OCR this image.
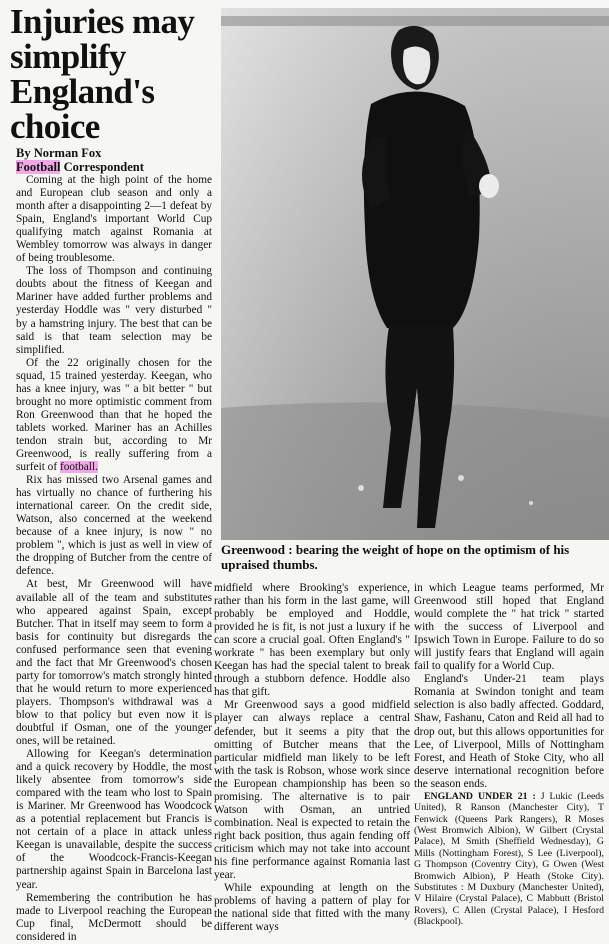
Injuries may
simplify
England's
choice
By Norman Fox
Football Correspondent

Coming at the high point of the home and European club season and only a month after a disappointing 2—1 defeat by Spain, England's important World Cup qualifying match against Romania at Wembley tomorrow was always in danger of being troublesome.

The loss of Thompson and continuing doubts about the fitness of Keegan and Mariner have added further problems and yesterday Hoddle was " very disturbed " by a hamstring injury. The best that can be said is that team selection may be simplified.

Of the 22 originally chosen for the squad, 15 trained yesterday. Keegan, who has a knee injury, was " a bit better " but brought no more optimistic comment from Ron Greenwood than that he hoped the tablets worked. Mariner has an Achilles tendon strain but, according to Mr Greenwood, is really suffering from a surfeit of football.

Rix has missed two Arsenal games and has virtually no chance of furthering his international career. On the credit side, Watson, also concerned at the weekend because of a knee injury, is now " no problem ", which is just as well in view of the dropping of Butcher from the centre of defence.

At best, Mr Greenwood will have available all of the team and substitutes who appeared against Spain, except Butcher. That in itself may seem to form a basis for continuity but disregards the confused performance seen that evening and the fact that Mr Greenwood's chosen party for tomorrow's match strongly hinted that he would return to more experienced players. Thompson's withdrawal was a blow to that policy but even now it is doubtful if Osman, one of the younger ones, will be retained.

Allowing for Keegan's determination and a quick recovery by Hoddle, the most likely absentee from tomorrow's side compared with the team who lost to Spain is Mariner. Mr Greenwood has Woodcock as a potential replacement but Francis is not certain of a place in attack unless Keegan is unavailable, despite the success of the Woodcock-Francis-Keegan partnership against Spain in Barcelona last year.

Remembering the contribution he has made to Liverpool reaching the European Cup final, McDermott should be considered in

Greenwood : bearing the weight of hope on the optimism of his upraised thumbs.

midfield where Brooking's experience, rather than his form in the last game, will probably be employed and Hoddle, provided he is fit, is not just a luxury if he can score a crucial goal. Often England's " workrate " has been exemplary but only Keegan has had the special talent to break through a stubborn defence. Hoddle also has that gift.

Mr Greenwood says a good midfield player can always replace a central defender, but it seems a pity that the omitting of Butcher means that the particular midfield man likely to be left with the task is Robson, whose work since the European championship has been so promising. The alternative is to pair Watson with Osman, an untried combination. Neal is expected to retain the right back position, thus again fending off criticism which may not take into account his fine performance against Romania last year.

While expounding at length on the problems of having a pattern of play for the national side that fitted with the many different ways

in which League teams performed, Mr Greenwood still hoped that England would complete the " hat trick " started with the success of Liverpool and Ipswich Town in Europe. Failure to do so will justify fears that England will again fail to qualify for a World Cup.

England's Under-21 team plays Romania at Swindon tonight and team selection is also badly affected. Goddard, Shaw, Fashanu, Caton and Reid all had to drop out, but this allows opportunities for Lee, of Liverpool, Mills of Nottingham Forest, and Heath of Stoke City, who all deserve international recognition before the season ends.

ENGLAND UNDER 21 : J Lukic (Leeds United), R Ranson (Manchester City), T Fenwick (Queens Park Rangers), R Moses (West Bromwich Albion), W Gilbert (Crystal Palace), M Smith (Sheffield Wednesday), G Mills (Nottingham Forest), S Lee (Liverpool), G Thompson (Coventry City), G Owen (West Bromwich Albion), P Heath (Stoke City). Substitutes : M Duxbury (Manchester United), V Hilaire (Crystal Palace), C Mabbutt (Bristol Rovers), C Allen (Crystal Palace), I Hesford (Blackpool).
